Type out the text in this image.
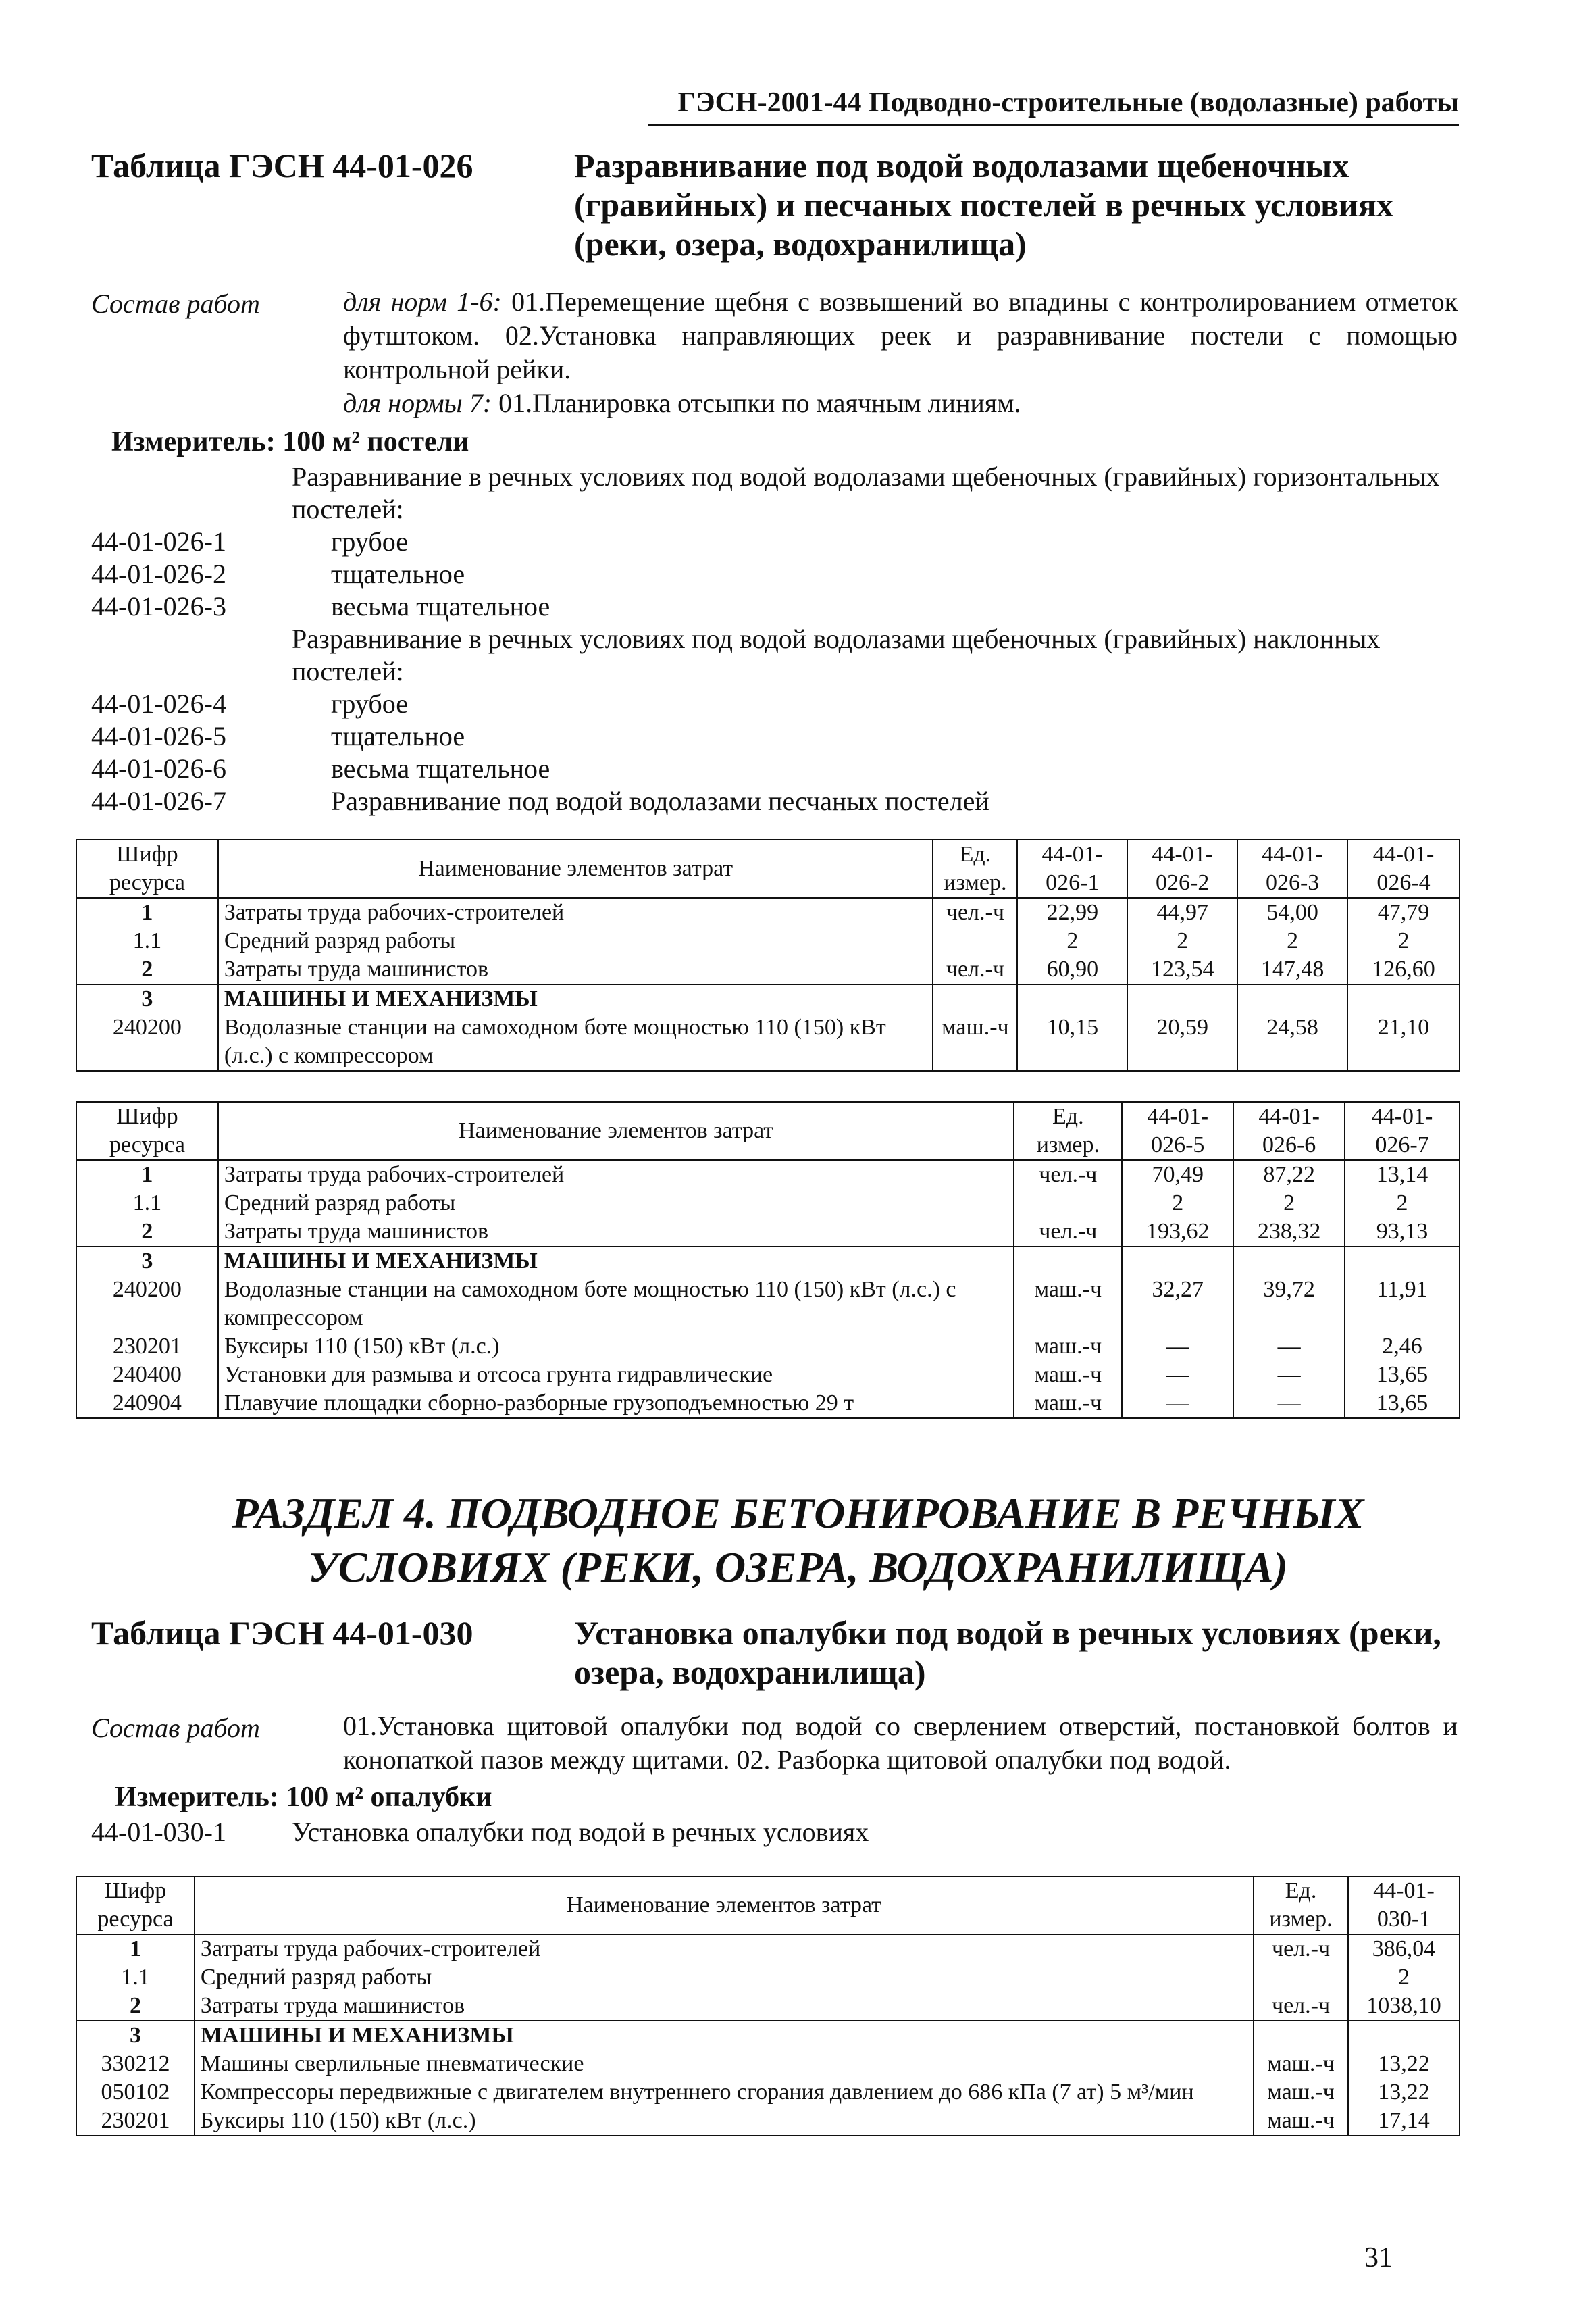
ГЭСН-2001-44 Подводно-строительные (водолазные) работы
Таблица ГЭСН 44-01-026	Разравнивание под водой водолазами щебеночных (гравийных) и песчаных постелей в речных условиях (реки, озера, водохранилища)
Состав работ	для норм 1-6: 01.Перемещение щебня с возвышений во впадины с контролированием отметок футштоком. 02.Установка направляющих реек и разравнивание постели с помощью контрольной рейки.
для нормы 7: 01.Планировка отсыпки по маячным линиям.
Измеритель: 100 м² постели
Разравнивание в речных условиях под водой водолазами щебеночных (гравийных) горизонтальных постелей:
44-01-026-1	грубое
44-01-026-2	тщательное
44-01-026-3	весьма тщательное
Разравнивание в речных условиях под водой водолазами щебеночных (гравийных) наклонных постелей:
44-01-026-4	грубое
44-01-026-5	тщательное
44-01-026-6	весьма тщательное
44-01-026-7	Разравнивание под водой водолазами песчаных постелей
Шифр ресурса	Наименование элементов затрат	Ед. измер.	44-01-026-1	44-01-026-2	44-01-026-3	44-01-026-4
1	Затраты труда рабочих-строителей	чел.-ч	22,99	44,97	54,00	47,79
1.1	Средний разряд работы		2	2	2	2
2	Затраты труда машинистов	чел.-ч	60,90	123,54	147,48	126,60
3	МАШИНЫ И МЕХАНИЗМЫ					
240200	Водолазные станции на самоходном боте мощностью 110 (150) кВт (л.с.) с компрессором	маш.-ч	10,15	20,59	24,58	21,10
Шифр ресурса	Наименование элементов затрат	Ед. измер.	44-01-026-5	44-01-026-6	44-01-026-7
1	Затраты труда рабочих-строителей	чел.-ч	70,49	87,22	13,14
1.1	Средний разряд работы		2	2	2
2	Затраты труда машинистов	чел.-ч	193,62	238,32	93,13
3	МАШИНЫ И МЕХАНИЗМЫ				
240200	Водолазные станции на самоходном боте мощностью 110 (150) кВт (л.с.) с компрессором	маш.-ч	32,27	39,72	11,91
230201	Буксиры 110 (150) кВт (л.с.)	маш.-ч	—	—	2,46
240400	Установки для размыва и отсоса грунта гидравлические	маш.-ч	—	—	13,65
240904	Плавучие площадки сборно-разборные грузоподъемностью 29 т	маш.-ч	—	—	13,65
РАЗДЕЛ 4. ПОДВОДНОЕ БЕТОНИРОВАНИЕ В РЕЧНЫХ
УСЛОВИЯХ (РЕКИ, ОЗЕРА, ВОДОХРАНИЛИЩА)
Таблица ГЭСН 44-01-030	Установка опалубки под водой в речных условиях (реки, озера, водохранилища)
Состав работ	01.Установка щитовой опалубки под водой со сверлением отверстий, постановкой болтов и конопаткой пазов между щитами. 02. Разборка щитовой опалубки под водой.
Измеритель: 100 м² опалубки
44-01-030-1 Установка опалубки под водой в речных условиях
Шифр ресурса	Наименование элементов затрат	Ед. измер.	44-01-030-1
1	Затраты труда рабочих-строителей	чел.-ч	386,04
1.1	Средний разряд работы		2
2	Затраты труда машинистов	чел.-ч	1038,10
3	МАШИНЫ И МЕХАНИЗМЫ		
330212	Машины сверлильные пневматические	маш.-ч	13,22
050102	Компрессоры передвижные с двигателем внутреннего сгорания давлением до 686 кПа (7 ат) 5 м³/мин	маш.-ч	13,22
230201	Буксиры 110 (150) кВт (л.с.)	маш.-ч	17,14
31
